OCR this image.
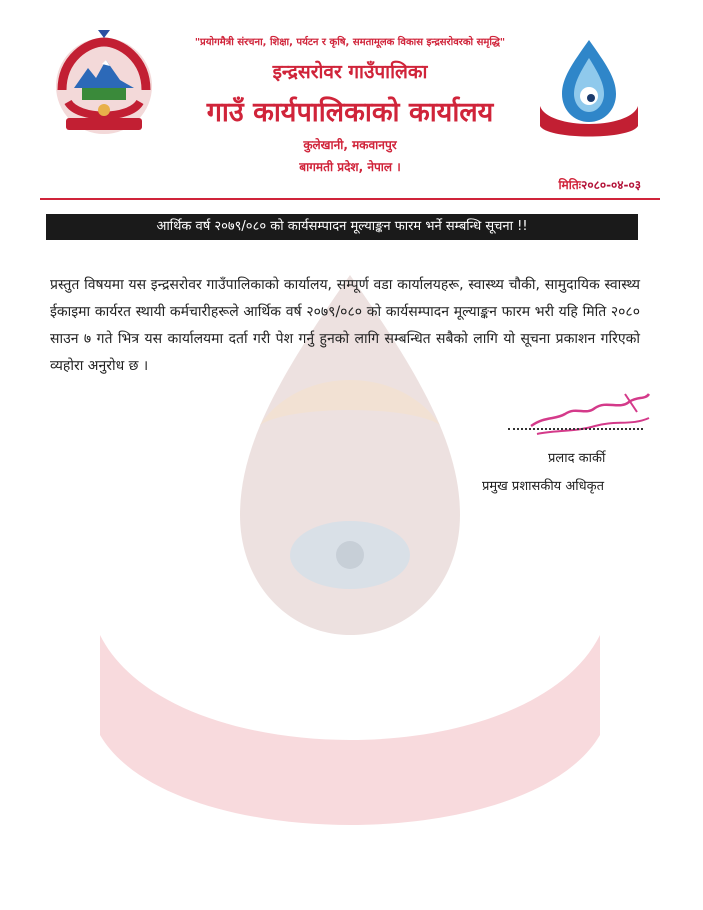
"प्रयोगमैत्री संरचना, शिक्षा, पर्यटन र कृषि, समतामूलक विकास इन्द्रसरोवरको समृद्धि"
इन्द्रसरोवर गाउँपालिका
गाउँ कार्यपालिकाको कार्यालय
कुलेखानी, मकवानपुर
बागमती प्रदेश, नेपाल ।
मितिः२०८०-०४-०३
आर्थिक वर्ष २०७९/०८० को कार्यसम्पादन मूल्याङ्कन फारम भर्ने सम्बन्धि सूचना !!
प्रस्तुत विषयमा यस इन्द्रसरोवर गाउँपालिकाको कार्यालय, सम्पूर्ण वडा कार्यालयहरू, स्वास्थ्य चौकी, सामुदायिक स्वास्थ्य ईकाइमा कार्यरत स्थायी कर्मचारीहरूले आर्थिक वर्ष २०७९/०८० को कार्यसम्पादन मूल्याङ्कन फारम भरी यहि मिति २०८० साउन ७ गते भित्र यस कार्यालयमा दर्ता गरी पेश गर्नु हुनको लागि सम्बन्धित सबैको लागि यो सूचना प्रकाशन गरिएको व्यहोरा अनुरोध छ ।
प्रलाद कार्की
प्रमुख प्रशासकीय अधिकृत
